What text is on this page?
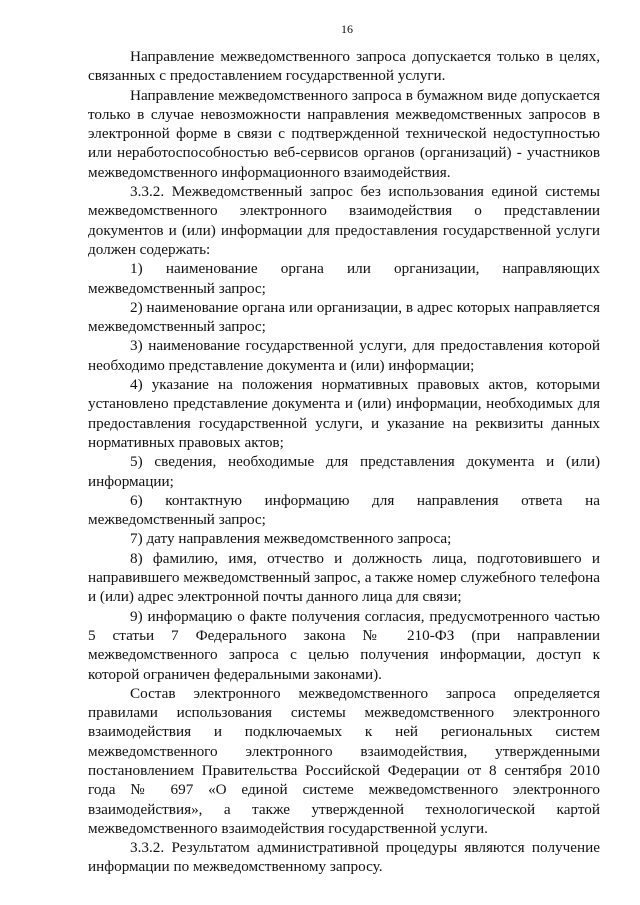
16

Направление межведомственного запроса допускается только в целях, связанных с предоставлением государственной услуги.

Направление межведомственного запроса в бумажном виде допускается только в случае невозможности направления межведомственных запросов в электронной форме в связи с подтвержденной технической недоступностью или неработоспособностью веб-сервисов органов (организаций) - участников межведомственного информационного взаимодействия.

3.3.2. Межведомственный запрос без использования единой системы межведомственного электронного взаимодействия о представлении документов и (или) информации для предоставления государственной услуги должен содержать:

1) наименование органа или организации, направляющих межведомственный запрос;

2) наименование органа или организации, в адрес которых направляется межведомственный запрос;

3) наименование государственной услуги, для предоставления которой необходимо представление документа и (или) информации;

4) указание на положения нормативных правовых актов, которыми установлено представление документа и (или) информации, необходимых для предоставления государственной услуги, и указание на реквизиты данных нормативных правовых актов;

5) сведения, необходимые для представления документа и (или) информации;

6) контактную информацию для направления ответа на межведомственный запрос;

7) дату направления межведомственного запроса;

8) фамилию, имя, отчество и должность лица, подготовившего и направившего межведомственный запрос, а также номер служебного телефона и (или) адрес электронной почты данного лица для связи;

9) информацию о факте получения согласия, предусмотренного частью 5 статьи 7 Федерального закона № 210-ФЗ (при направлении межведомственного запроса с целью получения информации, доступ к которой ограничен федеральными законами).

Состав электронного межведомственного запроса определяется правилами использования системы межведомственного электронного взаимодействия и подключаемых к ней региональных систем межведомственного электронного взаимодействия, утвержденными постановлением Правительства Российской Федерации от 8 сентября 2010 года № 697 «О единой системе межведомственного электронного взаимодействия», а также утвержденной технологической картой межведомственного взаимодействия государственной услуги.

3.3.2. Результатом административной процедуры являются получение информации по межведомственному запросу.
